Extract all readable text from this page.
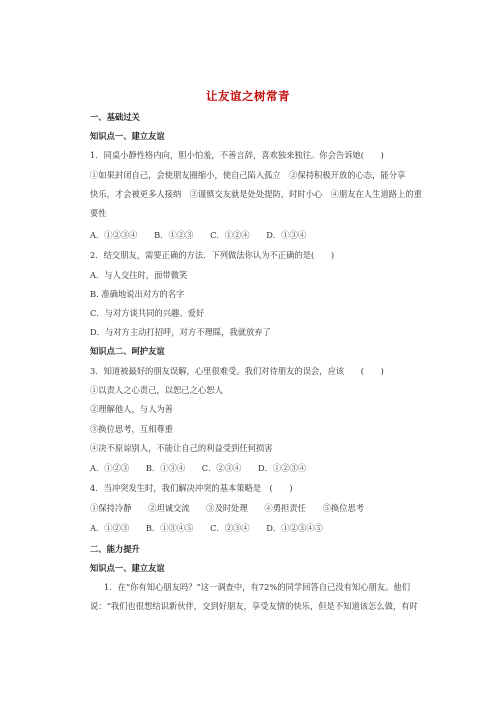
让友谊之树常青
一、基础过关
知识点一、建立友谊
1．同桌小静性格内向，胆小怕羞，不善言辞，喜欢独来独往。你会告诉她(　　)
①如果封闭自己，会使朋友圈缩小，使自己陷入孤立　②保持积极开放的心态，能分享
快乐，才会被更多人接纳　③谨慎交友就是处处提防，时时小心　④朋友在人生道路上的重
要性
A．①②③④ B．①②③ C．①②④ D．①③④
2．结交朋友，需要正确的方法．下列做法你认为不正确的是(　　)
A．与人交往时，面带微笑
B. 准确地说出对方的名字
C．与对方谈共同的兴趣、爱好
D．与对方主动打招呼，对方不理睬，我就放弃了
知识点二、呵护友谊
3．知道被最好的朋友误解，心里很难受。我们对待朋友的误会，应该　　(　　)
①以责人之心责己，以恕己之心恕人
②理解他人，与人为善
③换位思考，互相尊重
④决不原谅别人，不能让自己的利益受到任何损害
A．①②③ B．①③④ C．②③④ D．①②③④
4．当冲突发生时，我们解决冲突的基本策略是　(　　)
①保持冷静 ②坦诚交流 ③及时处理 ④勇担责任 ⑤换位思考
A．①②③ B．①③④⑤ C．②③④ D．①②③④⑤
二、能力提升
知识点一、建立友谊
1．在“你有知心朋友吗？”这一调查中，有72%的同学回答自己没有知心朋友。他们
说：“我们也很想结识新伙伴，交到好朋友，享受友情的快乐，但是不知道该怎么做，有时
